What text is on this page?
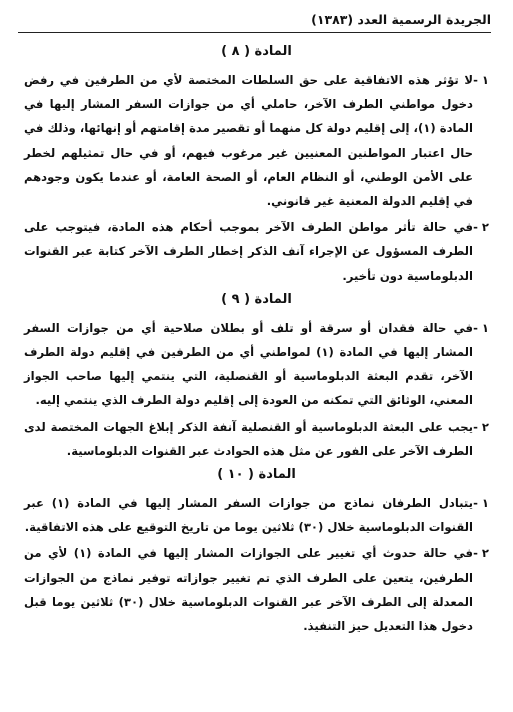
الجريدة الرسمية العدد (١٣٨٣)
المادة ( ٨ )
١ -
لا تؤثر هذه الاتفاقية على حق السلطات المختصة لأي من الطرفين في رفض دخول مواطني الطرف الآخر، حاملي أي من جوازات السفر المشار إليها في المادة (١)، إلى إقليم دولة كل منهما أو تقصير مدة إقامتهم أو إنهائها، وذلك في حال اعتبار المواطنين المعنيين غير مرغوب فيهم، أو في حال تمثيلهم لخطر على الأمن الوطني، أو النظام العام، أو الصحة العامة، أو عندما يكون وجودهم في إقليم الدولة المعنية غير قانوني.
٢ -
في حالة تأثر مواطن الطرف الآخر بموجب أحكام هذه المادة، فيتوجب على الطرف المسؤول عن الإجراء آنف الذكر إخطار الطرف الآخر كتابة عبر القنوات الدبلوماسية دون تأخير.
المادة ( ٩ )
١ -
في حالة فقدان أو سرقة أو تلف أو بطلان صلاحية أي من جوازات السفر المشار إليها في المادة (١) لمواطني أي من الطرفين في إقليم دولة الطرف الآخر، تقدم البعثة الدبلوماسية أو القنصلية، التي ينتمي إليها صاحب الجواز المعني، الوثائق التي تمكنه من العودة إلى إقليم دولة الطرف الذي ينتمي إليه.
٢ -
يجب على البعثة الدبلوماسية أو القنصلية آنفة الذكر إبلاغ الجهات المختصة لدى الطرف الآخر على الفور عن مثل هذه الحوادث عبر القنوات الدبلوماسية.
المادة ( ١٠ )
١ -
يتبادل الطرفان نماذج من جوازات السفر المشار إليها في المادة (١) عبر القنوات الدبلوماسية خلال (٣٠) ثلاثين يوما من تاريخ التوقيع على هذه الاتفاقية.
٢ -
في حالة حدوث أي تغيير على الجوازات المشار إليها في المادة (١) لأي من الطرفين، يتعين على الطرف الذي تم تغيير جوازاته توفير نماذج من الجوازات المعدلة إلى الطرف الآخر عبر القنوات الدبلوماسية خلال (٣٠) ثلاثين يوما قبل دخول هذا التعديل حيز التنفيذ.
